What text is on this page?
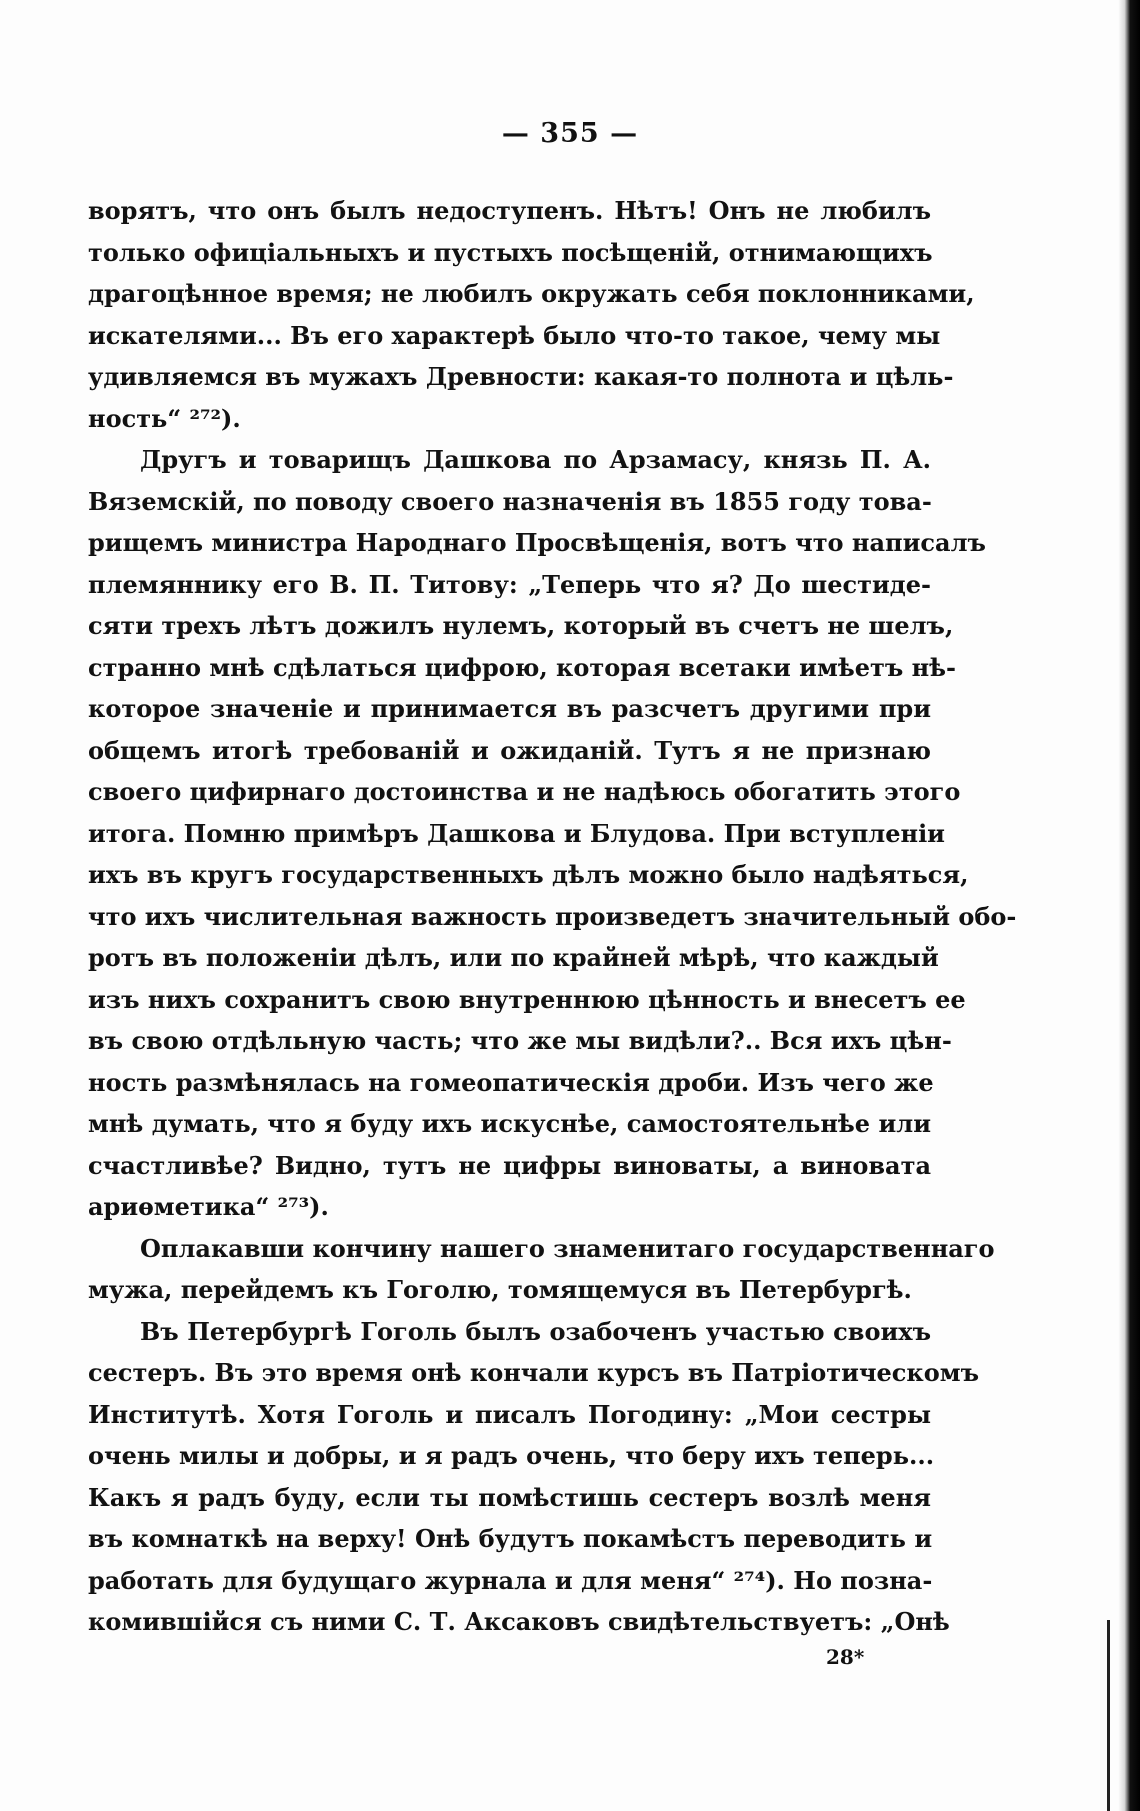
— 355 —
ворятъ, что онъ былъ недоступенъ. Нѣтъ! Онъ не любилъ
только офиціальныхъ и пустыхъ посѣщеній, отнимающихъ
драгоцѣнное время; не любилъ окружать себя поклонниками,
искателями... Въ его характерѣ было что-то такое, чему мы
удивляемся въ мужахъ Древности: какая-то полнота и цѣль-
ность“ ²⁷²).
Другъ и товарищъ Дашкова по Арзамасу, князь П. А.
Вяземскій, по поводу своего назначенія въ 1855 году това-
рищемъ министра Народнаго Просвѣщенія, вотъ что написалъ
племяннику его В. П. Титову: „Теперь что я? До шестиде-
сяти трехъ лѣтъ дожилъ нулемъ, который въ счетъ не шелъ,
странно мнѣ сдѣлаться цифрою, которая всетаки имѣетъ нѣ-
которое значеніе и принимается въ разсчетъ другими при
общемъ итогѣ требованій и ожиданій. Тутъ я не признаю
своего цифирнаго достоинства и не надѣюсь обогатить этого
итога. Помню примѣръ Дашкова и Блудова. При вступленіи
ихъ въ кругъ государственныхъ дѣлъ можно было надѣяться,
что ихъ числительная важность произведетъ значительный обо-
ротъ въ положеніи дѣлъ, или по крайней мѣрѣ, что каждый
изъ нихъ сохранитъ свою внутреннюю цѣнность и внесетъ ее
въ свою отдѣльную часть; что же мы видѣли?.. Вся ихъ цѣн-
ность размѣнялась на гомеопатическія дроби. Изъ чего же
мнѣ думать, что я буду ихъ искуснѣе, самостоятельнѣе или
счастливѣе? Видно, тутъ не цифры виноваты, а виновата
ариѳметика“ ²⁷³).
Оплакавши кончину нашего знаменитаго государственнаго
мужа, перейдемъ къ Гоголю, томящемуся въ Петербургѣ.
Въ Петербургѣ Гоголь былъ озабоченъ участью своихъ
сестеръ. Въ это время онѣ кончали курсъ въ Патріотическомъ
Институтѣ. Хотя Гоголь и писалъ Погодину: „Мои сестры
очень милы и добры, и я радъ очень, что беру ихъ теперь...
Какъ я радъ буду, если ты помѣстишь сестеръ возлѣ меня
въ комнаткѣ на верху! Онѣ будутъ покамѣстъ переводить и
работать для будущаго журнала и для меня“ ²⁷⁴). Но позна-
комившійся съ ними С. Т. Аксаковъ свидѣтельствуетъ: „Онѣ
28*
